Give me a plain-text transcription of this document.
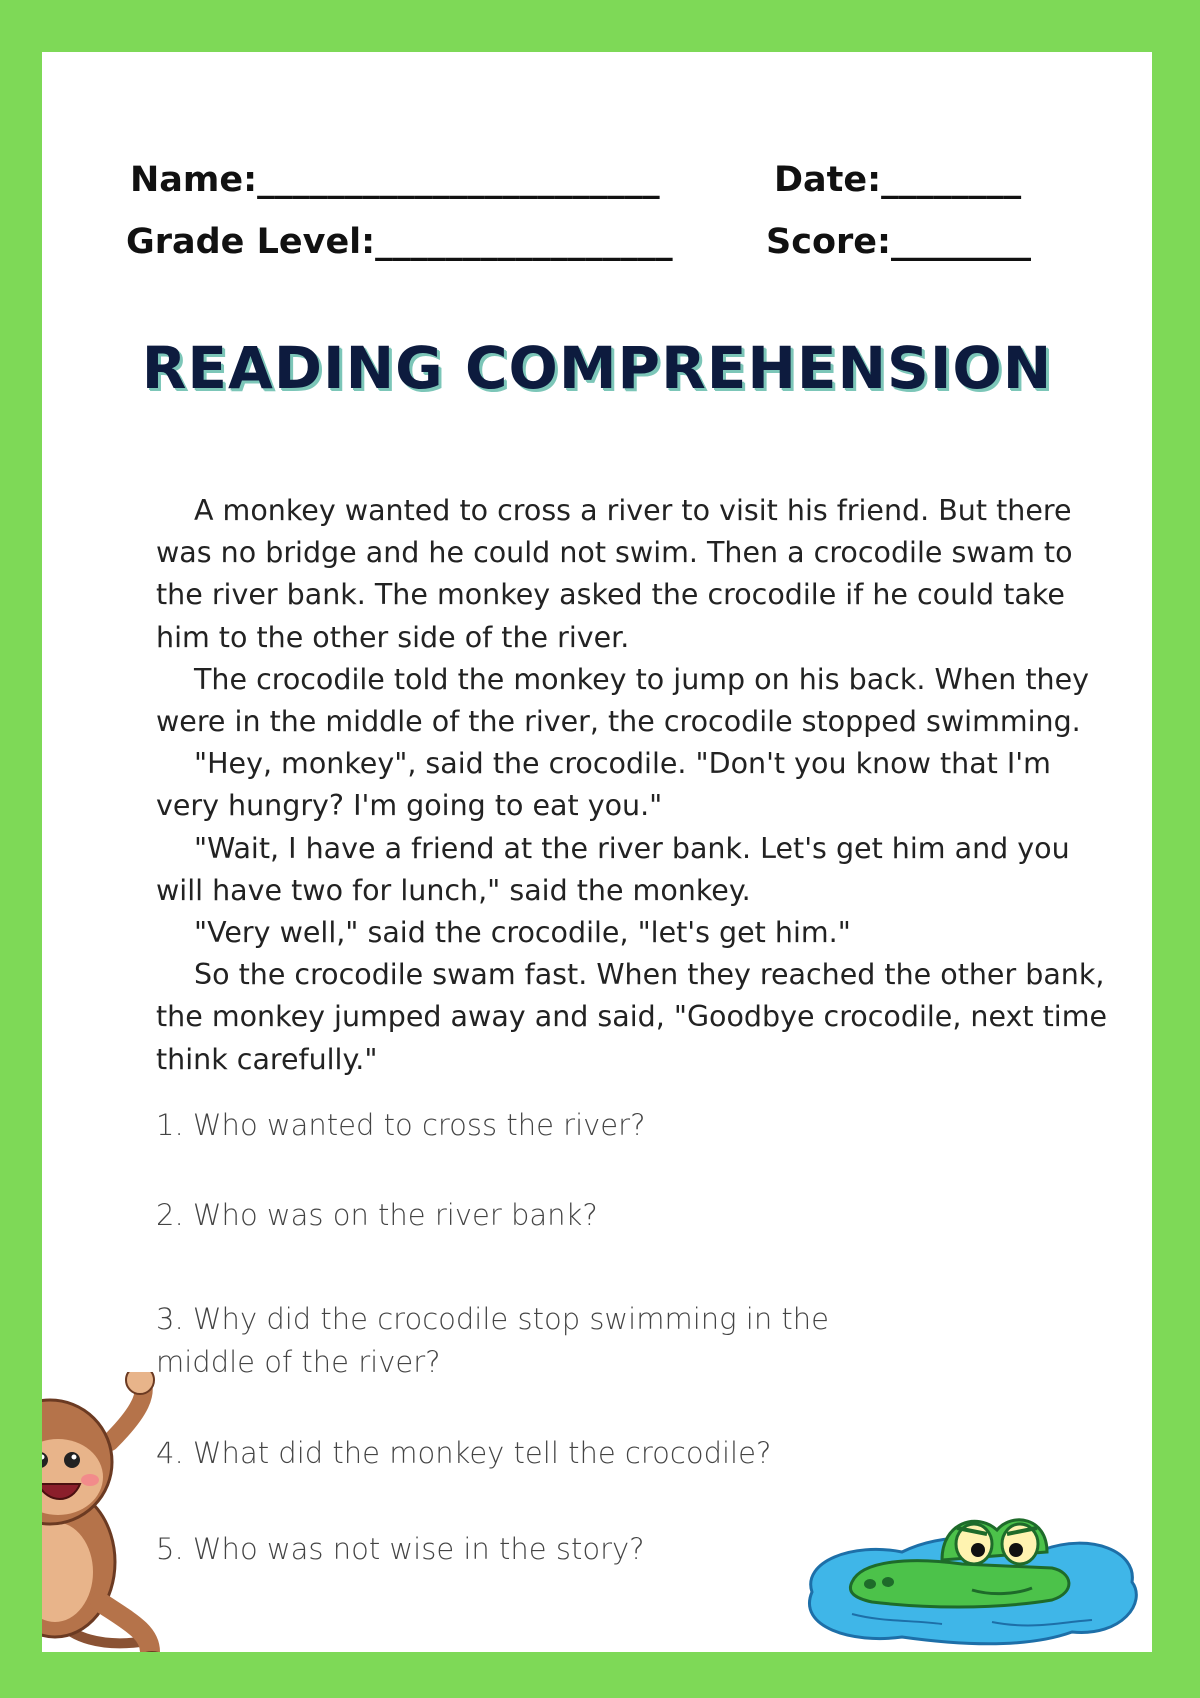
Name:_______________________	Date:________
Grade Level:_________________	Score:________
READING COMPREHENSION

A monkey wanted to cross a river to visit his friend. But there was no bridge and he could not swim. Then a crocodile swam to the river bank. The monkey asked the crocodile if he could take him to the other side of the river.

The crocodile told the monkey to jump on his back. When they were in the middle of the river, the crocodile stopped swimming.

"Hey, monkey", said the crocodile. "Don't you know that I'm very hungry? I'm going to eat you."

"Wait, I have a friend at the river bank. Let's get him and you will have two for lunch," said the monkey.

"Very well," said the crocodile, "let's get him."

So the crocodile swam fast. When they reached the other bank, the monkey jumped away and said, "Goodbye crocodile, next time think carefully."

1. Who wanted to cross the river?
2. Who was on the river bank?
3. Why did the crocodile stop swimming in the middle of the river?
4. What did the monkey tell the crocodile?
5. Who was not wise in the story?
